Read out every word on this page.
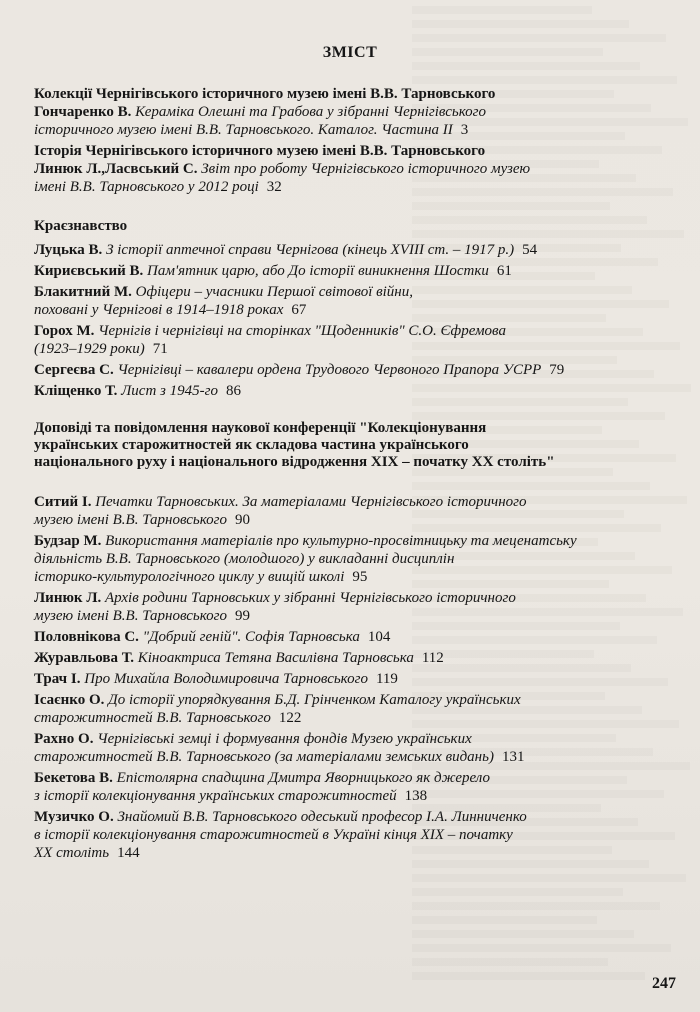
ЗМІСТ
Колекції Чернігівського історичного музею імені В.В. Тарновського
Гончаренко В. Кераміка Олешні та Грабова у зібранні Чернігівського
історичного музею імені В.В. Тарновського. Каталог. Частина ІІ 3
Історія Чернігівського історичного музею імені В.В. Тарновського
Линюк Л.,Ласвський С. Звіт про роботу Чернігівського історичного музею
імені В.В. Тарновського у 2012 році 32
Краєзнавство
Луцька В. З історії аптечної справи Чернігова (кінець XVIII ст. – 1917 р.) 54
Кириєвський В. Пам'ятник царю, або До історії виникнення Шостки 61
Блакитний М. Офіцери – учасники Першої світової війни,
поховані у Чернігові в 1914–1918 роках 67
Горох М. Чернігів і чернігівці на сторінках "Щоденників" С.О. Єфремова
(1923–1929 роки) 71
Сергеєва С. Чернігівці – кавалери ордена Трудового Червоного Прапора УСРР 79
Кліщенко Т. Лист з 1945-го 86
Доповіді та повідомлення наукової конференції "Колекціонування українських старожитностей як складова частина українського національного руху і національного відродження XIX – початку XX століть"
Ситий І. Печатки Тарновських. За матеріалами Чернігівського історичного
музею імені В.В. Тарновського 90
Будзар М. Використання матеріалів про культурно-просвітницьку та меценатську
діяльність В.В. Тарновського (молодшого) у викладанні дисциплін
історико-культурологічного циклу у вищій школі 95
Линюк Л. Архів родини Тарновських у зібранні Чернігівського історичного
музею імені В.В. Тарновського 99
Половнікова С. "Добрий геній". Софія Тарновська 104
Журавльова Т. Кіноактриса Тетяна Василівна Тарновська 112
Трач І. Про Михайла Володимировича Тарновського 119
Ісаєнко О. До історії упорядкування Б.Д. Грінченком Каталогу українських
старожитностей В.В. Тарновського 122
Рахно О. Чернігівські земці і формування фондів Музею українських
старожитностей В.В. Тарновського (за матеріалами земських видань) 131
Бекетова В. Епістолярна спадщина Дмитра Яворницького як джерело
з історії колекціонування українських старожитностей 138
Музичко О. Знайомий В.В. Тарновського одеський професор І.А. Линниченко
в історії колекціонування старожитностей в Україні кінця XIX – початку
XX століть 144
247
